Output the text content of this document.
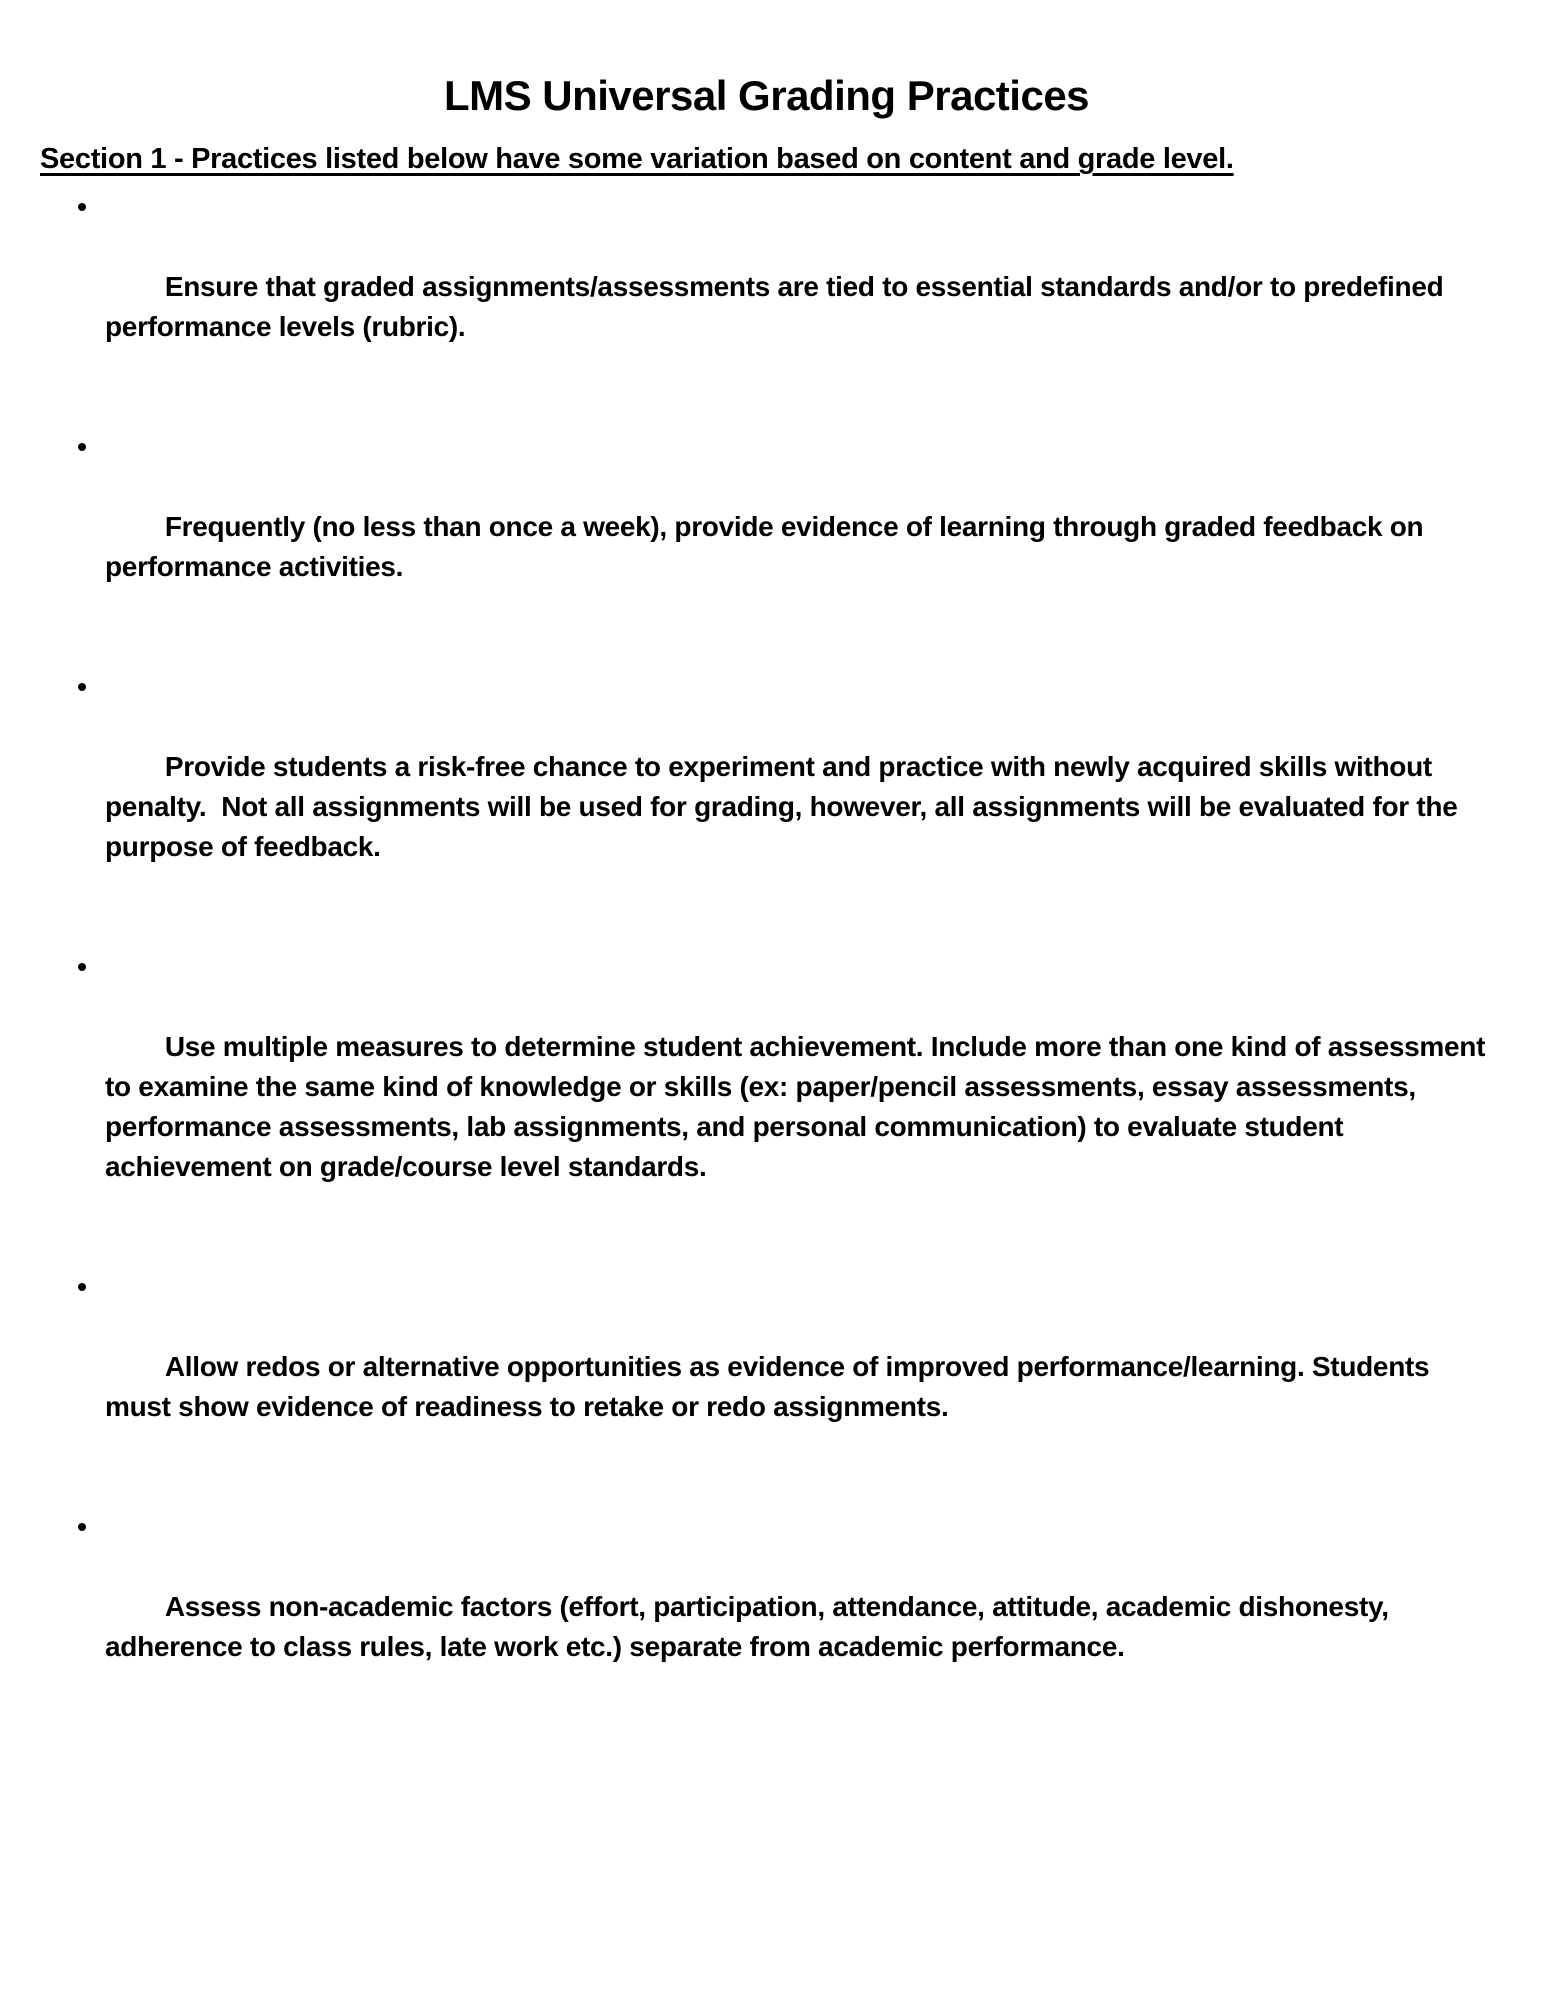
LMS Universal Grading Practices
Section 1 - Practices listed below have some variation based on content and grade level.

Ensure that graded assignments/assessments are tied to essential standards and/or to predefined performance levels (rubric).

Frequently (no less than once a week), provide evidence of learning through graded feedback on performance activities.

Provide students a risk-free chance to experiment and practice with newly acquired skills without penalty.  Not all assignments will be used for grading, however, all assignments will be evaluated for the purpose of feedback.

Use multiple measures to determine student achievement. Include more than one kind of assessment to examine the same kind of knowledge or skills (ex: paper/pencil assessments, essay assessments, performance assessments, lab assignments, and personal communication) to evaluate student achievement on grade/course level standards.

Allow redos or alternative opportunities as evidence of improved performance/learning. Students must show evidence of readiness to retake or redo assignments.

Assess non-academic factors (effort, participation, attendance, attitude, academic dishonesty, adherence to class rules, late work etc.) separate from academic performance.
